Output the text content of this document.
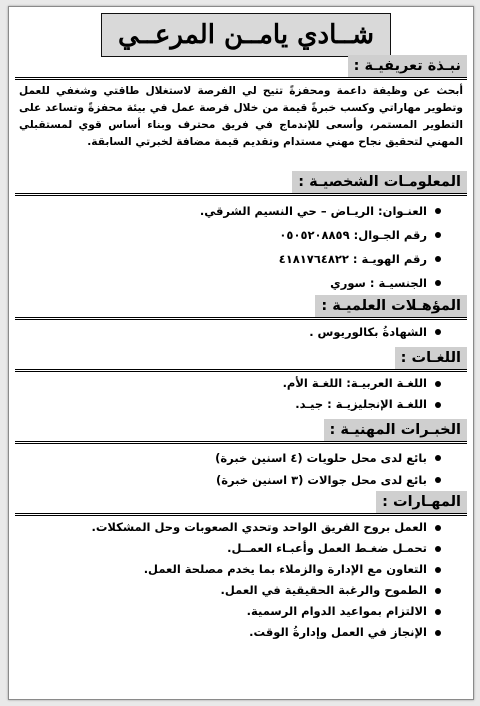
شــادي يامــن المرعــي
نبـذة تعريفيـة :

أبحث عن وظيفة داعمة ومحفزةً تتيح لي الفرصة لاستغلال طاقتي وشغفي للعمل وتطوير مهاراتي وكسب خبرةً قيمة من خلال فرصة عمل في بيئة محفزةً وتساعد على التطوير المستمر، وأسعى للإندماج في فريق محترف وبناء أساس قوي لمستقبلي المهني لتحقيق نجاح مهني مستدام وتقديم قيمة مضافة لخبرتي السابقة.

المعلومـات الشخصيـة :
العنـوان: الريـاض – حي النسيم الشرقي.
رقم الجـوال: ٠٥٠٥٢٠٨٨٥٩
رقم الهويـة : ٤١٨١٧٦٤٨٢٢
الجنسيـة : سوري
المؤهـلات العلميـة :
الشهادةُ بكالوريوس .
اللغـات :
اللغـة العربيـة: اللغـة الأم.
اللغـة الإنجليزيـة : جيـد.
الخبـرات المهنيـة :
بائع لدى محل حلويات (٤ اسنين خبرة)
بائع لدى محل جوالات (٣ اسنين خبرة)
المهـارات :
العمل بروح الفريق الواحد وتحدي الصعوبات وحل المشكلات.
تحمـل ضغـط العمل وأعبـاء العمــل.
التعاون مع الإدارة والزملاء بما يخدم مصلحة العمل.
الطموح والرغبة الحقيقية في العمل.
الالتزام بمواعيد الدوام الرسمية.
الإنجاز في العمل وإدارةُ الوقت.
